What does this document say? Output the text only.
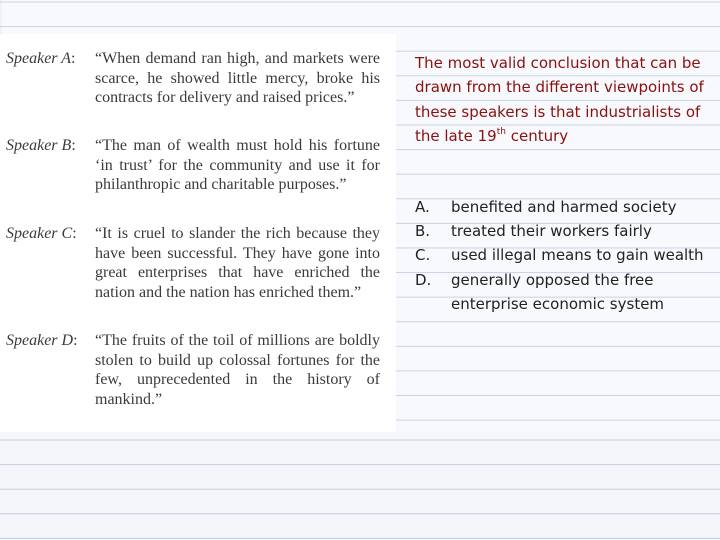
Speaker A:	“When demand ran high, and markets were scarce, he showed little mercy, broke his contracts for delivery and raised prices.”
Speaker B:	“The man of wealth must hold his fortune ‘in trust’ for the community and use it for philanthropic and charitable purposes.”
Speaker C:	“It is cruel to slander the rich because they have been successful. They have gone into great enterprises that have enriched the nation and the nation has enriched them.”
Speaker D:	“The fruits of the toil of millions are boldly stolen to build up colossal fortunes for the few, unprecedented in the history of mankind.”
The most valid conclusion that can be drawn from the different viewpoints of these speakers is that industrialists of the late 19th century
A. benefited and harmed society
B. treated their workers fairly
C. used illegal means to gain wealth
D. generally opposed the free enterprise economic system
